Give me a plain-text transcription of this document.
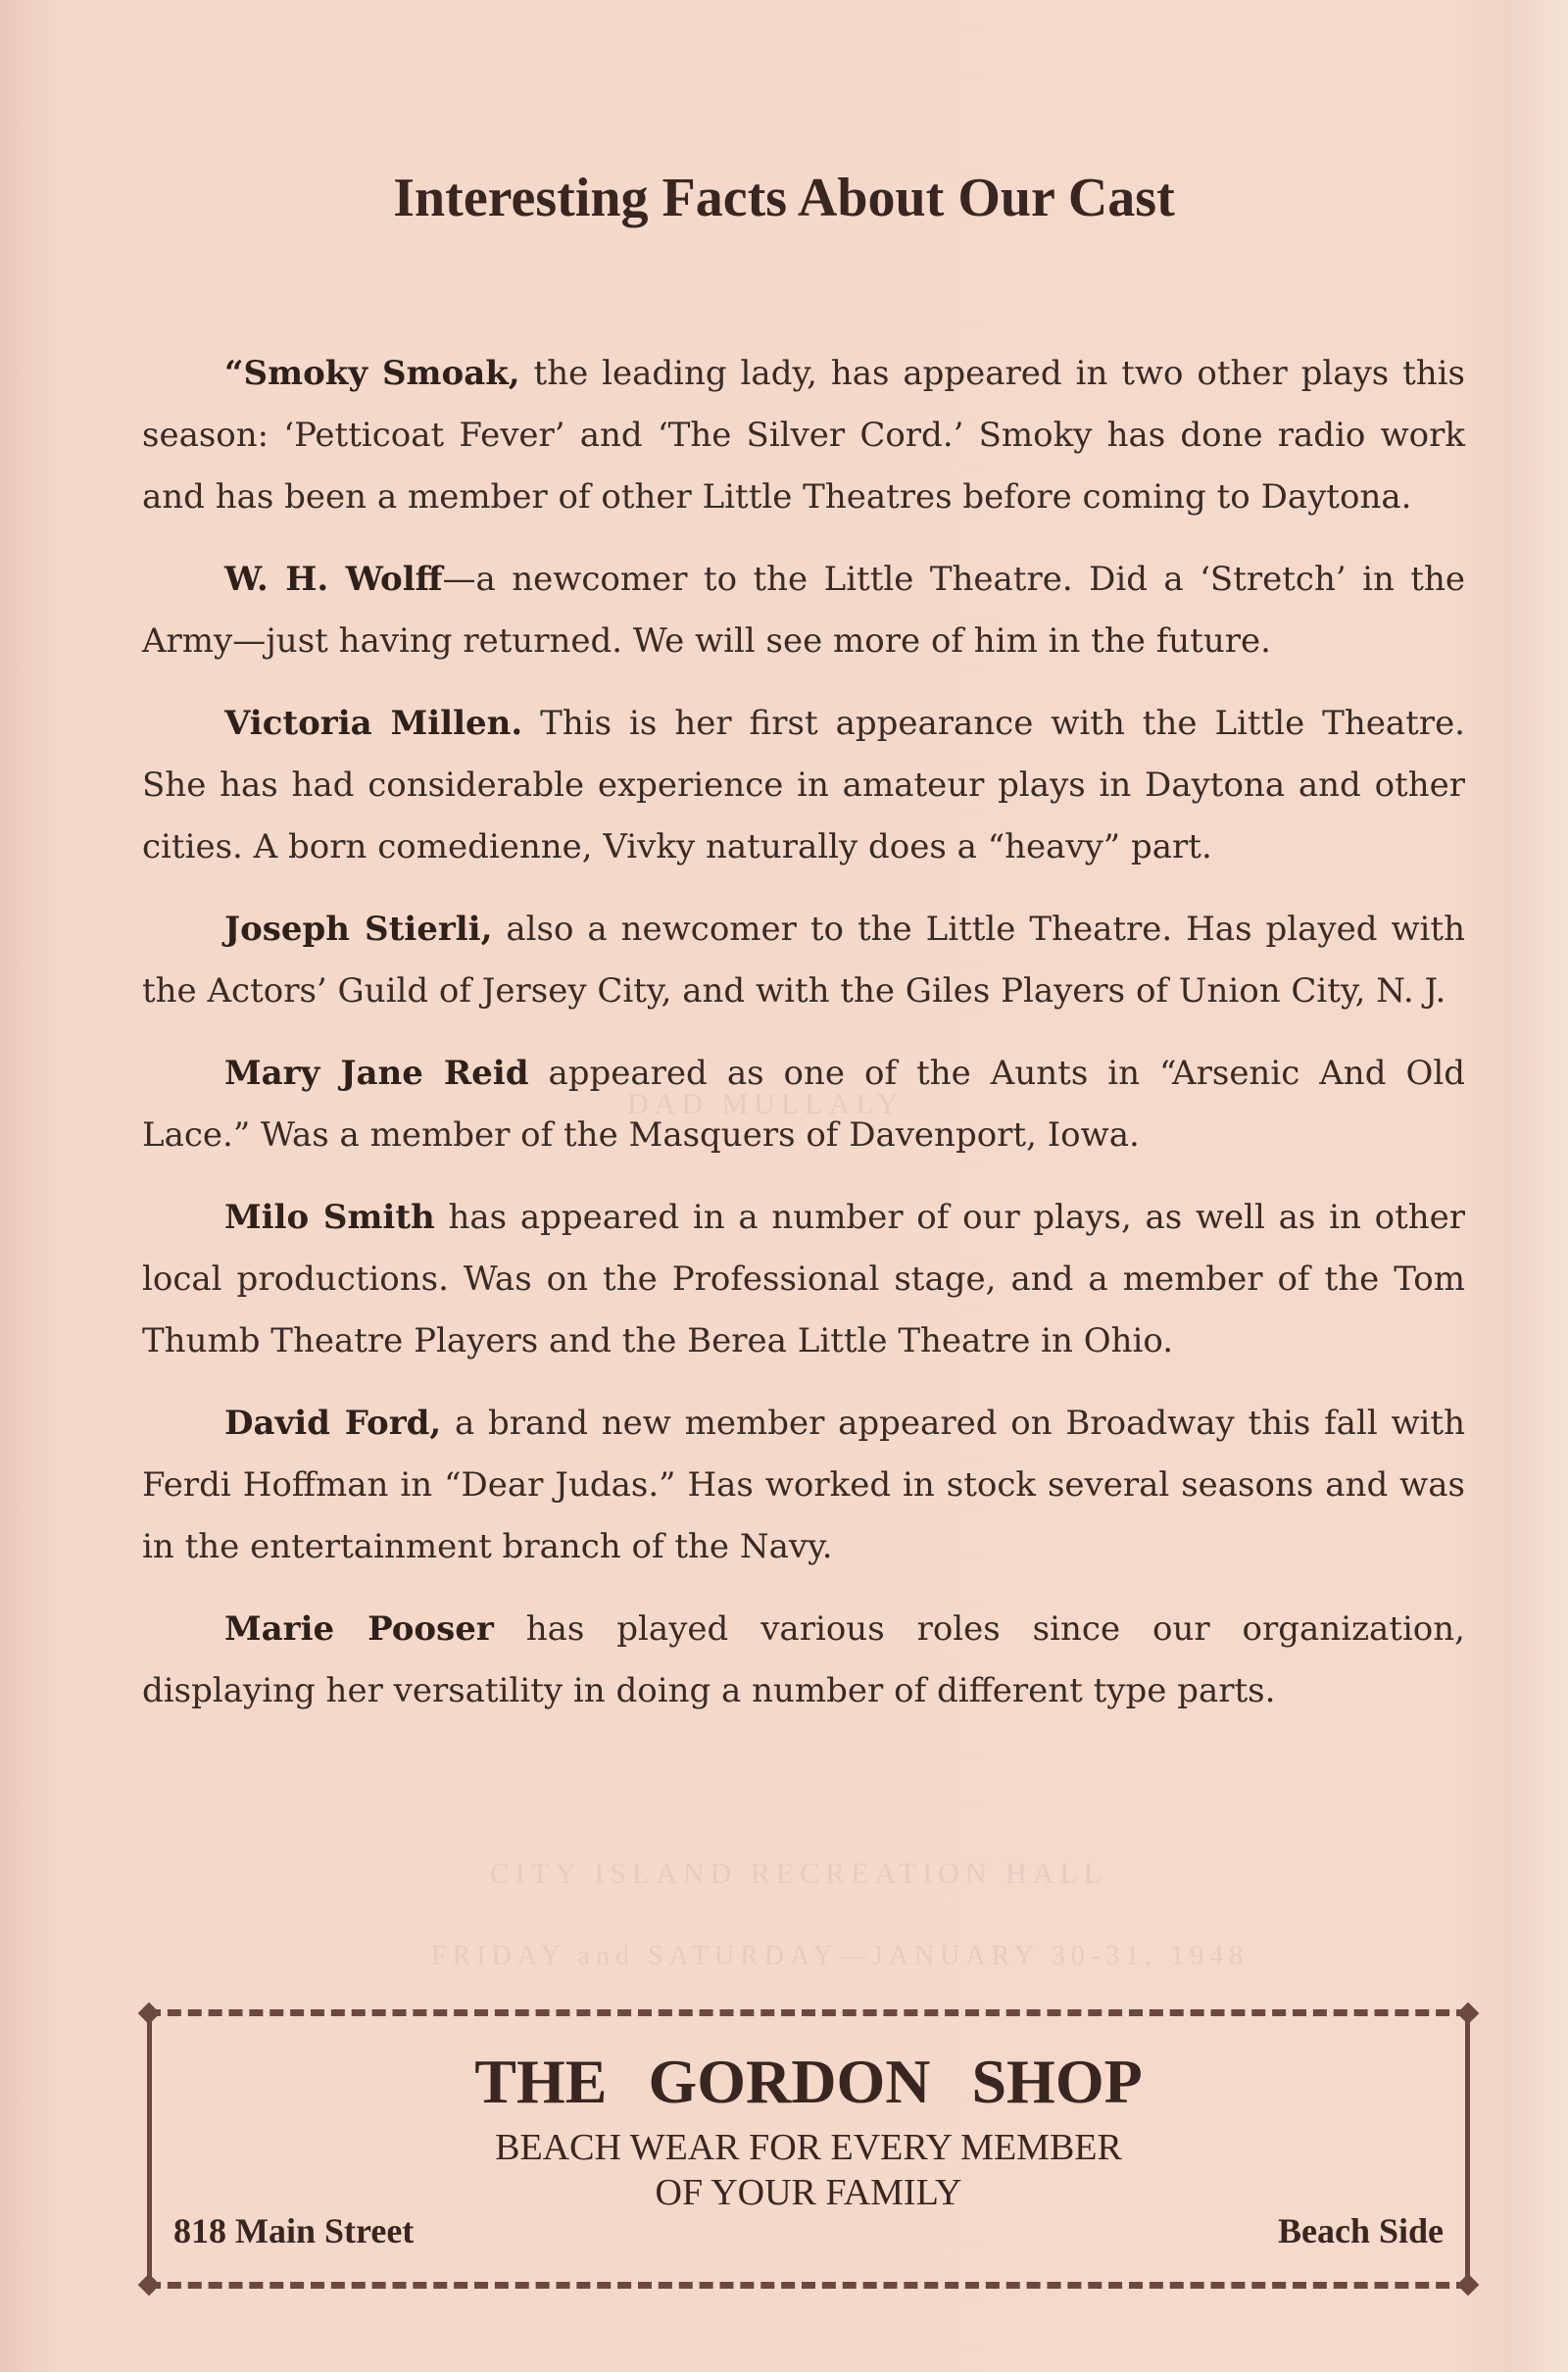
DAD MULLALY
CITY ISLAND RECREATION HALL
FRIDAY and SATURDAY—JANUARY 30-31, 1948
Interesting Facts About Our Cast

“Smoky Smoak, the leading lady, has appeared in two other plays this season: ‘Petticoat Fever’ and ‘The Silver Cord.’ Smoky has done radio work and has been a member of other Little Theatres before coming to Daytona.

W. H. Wolff—a newcomer to the Little Theatre. Did a ‘Stretch’ in the Army—just having returned. We will see more of him in the future.

Victoria Millen. This is her first appearance with the Little Theatre. She has had considerable experience in amateur plays in Daytona and other cities. A born comedienne, Vivky naturally does a “heavy” part.

Joseph Stierli, also a newcomer to the Little Theatre. Has played with the Actors’ Guild of Jersey City, and with the Giles Players of Union City, N. J.

Mary Jane Reid appeared as one of the Aunts in “Arsenic And Old Lace.” Was a member of the Masquers of Davenport, Iowa.

Milo Smith has appeared in a number of our plays, as well as in other local productions. Was on the Professional stage, and a member of the Tom Thumb Theatre Players and the Berea Little Theatre in Ohio.

David Ford, a brand new member appeared on Broadway this fall with Ferdi Hoffman in “Dear Judas.” Has worked in stock several seasons and was in the entertainment branch of the Navy.

Marie Pooser has played various roles since our organization, displaying her versatility in doing a number of different type parts.

THE GORDON SHOP
BEACH WEAR FOR EVERY MEMBER
OF YOUR FAMILY
818 Main Street	Beach Side
